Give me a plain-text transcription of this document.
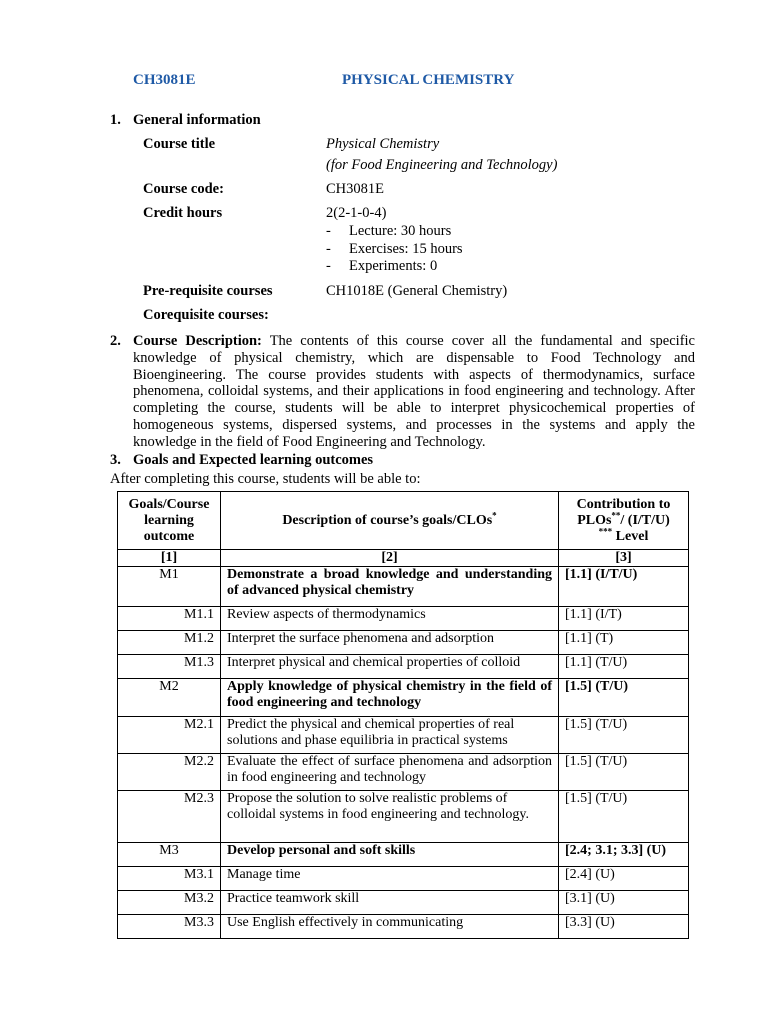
CH3081E	PHYSICAL CHEMISTRY
1. General information
Course title	Physical Chemistry
(for Food Engineering and Technology)
Course code:	CH3081E
Credit hours	2(2-1-0-4)
- Lecture: 30 hours
- Exercises: 15 hours
- Experiments: 0
Pre-requisite courses	CH1018E (General Chemistry)
Corequisite courses:
2. Course Description: The contents of this course cover all the fundamental and specific knowledge of physical chemistry, which are dispensable to Food Technology and Bioengineering. The course provides students with aspects of thermodynamics, surface phenomena, colloidal systems, and their applications in food engineering and technology. After completing the course, students will be able to interpret physicochemical properties of homogeneous systems, dispersed systems, and processes in the systems and apply the knowledge in the field of Food Engineering and Technology.
3. Goals and Expected learning outcomes
After completing this course, students will be able to:
Goals/Course learning outcome	Description of course’s goals/CLOs*	Contribution to PLOs**/ (I/T/U)
*** Level
[1]	[2]	[3]
M1	Demonstrate a broad knowledge and understanding of advanced physical chemistry	[1.1] (I/T/U)
M1.1	Review aspects of thermodynamics	[1.1] (I/T)
M1.2	Interpret the surface phenomena and adsorption	[1.1] (T)
M1.3	Interpret physical and chemical properties of colloid	[1.1] (T/U)
M2	Apply knowledge of physical chemistry in the field of food engineering and technology	[1.5] (T/U)
M2.1	Predict the physical and chemical properties of real solutions and phase equilibria in practical systems	[1.5] (T/U)
M2.2	Evaluate the effect of surface phenomena and adsorption in food engineering and technology	[1.5] (T/U)
M2.3	Propose the solution to solve realistic problems of colloidal systems in food engineering and technology.	[1.5] (T/U)
M3	Develop personal and soft skills	[2.4; 3.1; 3.3] (U)
M3.1	Manage time	[2.4] (U)
M3.2	Practice teamwork skill	[3.1] (U)
M3.3	Use English effectively in communicating	[3.3] (U)
